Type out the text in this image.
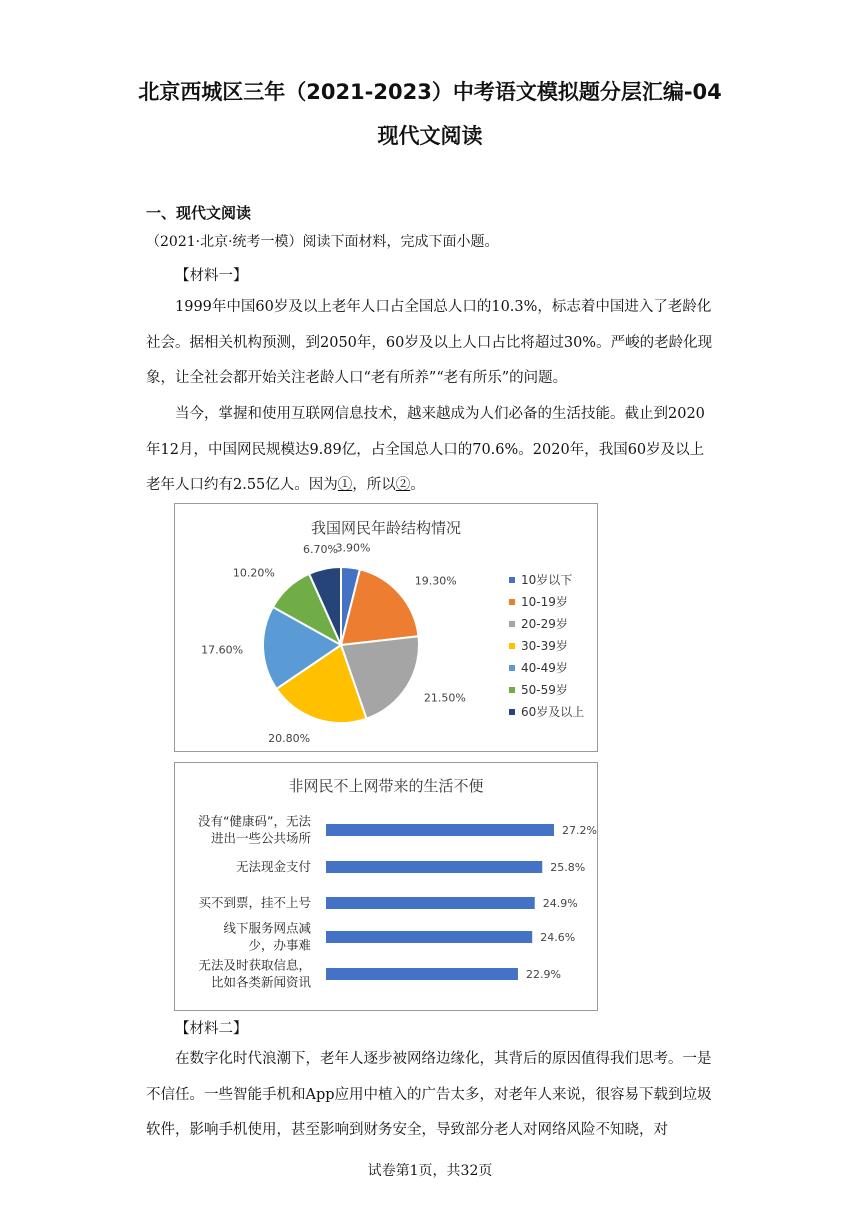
北京西城区三年（2021-2023）中考语文模拟题分层汇编-04
现代文阅读
一、现代文阅读
（2021·北京·统考一模）阅读下面材料，完成下面小题。
【材料一】
1999年中国60岁及以上老年人口占全国总人口的10.3%，标志着中国进入了老龄化社会。据相关机构预测，到2050年，60岁及以上人口占比将超过30%。严峻的老龄化现象，让全社会都开始关注老龄人口“老有所养”“老有所乐”的问题。
当今，掌握和使用互联网信息技术，越来越成为人们必备的生活技能。截止到2020年12月，中国网民规模达9.89亿，占全国总人口的70.6%。2020年，我国60岁及以上老年人口约有2.55亿人。因为①，所以②。
我国网民年龄结构情况
3.90%
19.30%
21.50%
20.80%
17.60%
10.20%
6.70%
10岁以下
10-19岁
20-29岁
30-39岁
40-49岁
50-59岁
60岁及以上
非网民不上网带来的生活不便
没有“健康码”，无法
进出一些公共场所
无法现金支付
买不到票，挂不上号
线下服务网点减
少，办事难
无法及时获取信息，
比如各类新闻资讯
27.2%
25.8%
24.9%
24.6%
22.9%
【材料二】
在数字化时代浪潮下，老年人逐步被网络边缘化，其背后的原因值得我们思考。一是不信任。一些智能手机和App应用中植入的广告太多，对老年人来说，很容易下载到垃圾软件，影响手机使用，甚至影响到财务安全，导致部分老人对网络风险不知晓，对
试卷第1页，共32页
